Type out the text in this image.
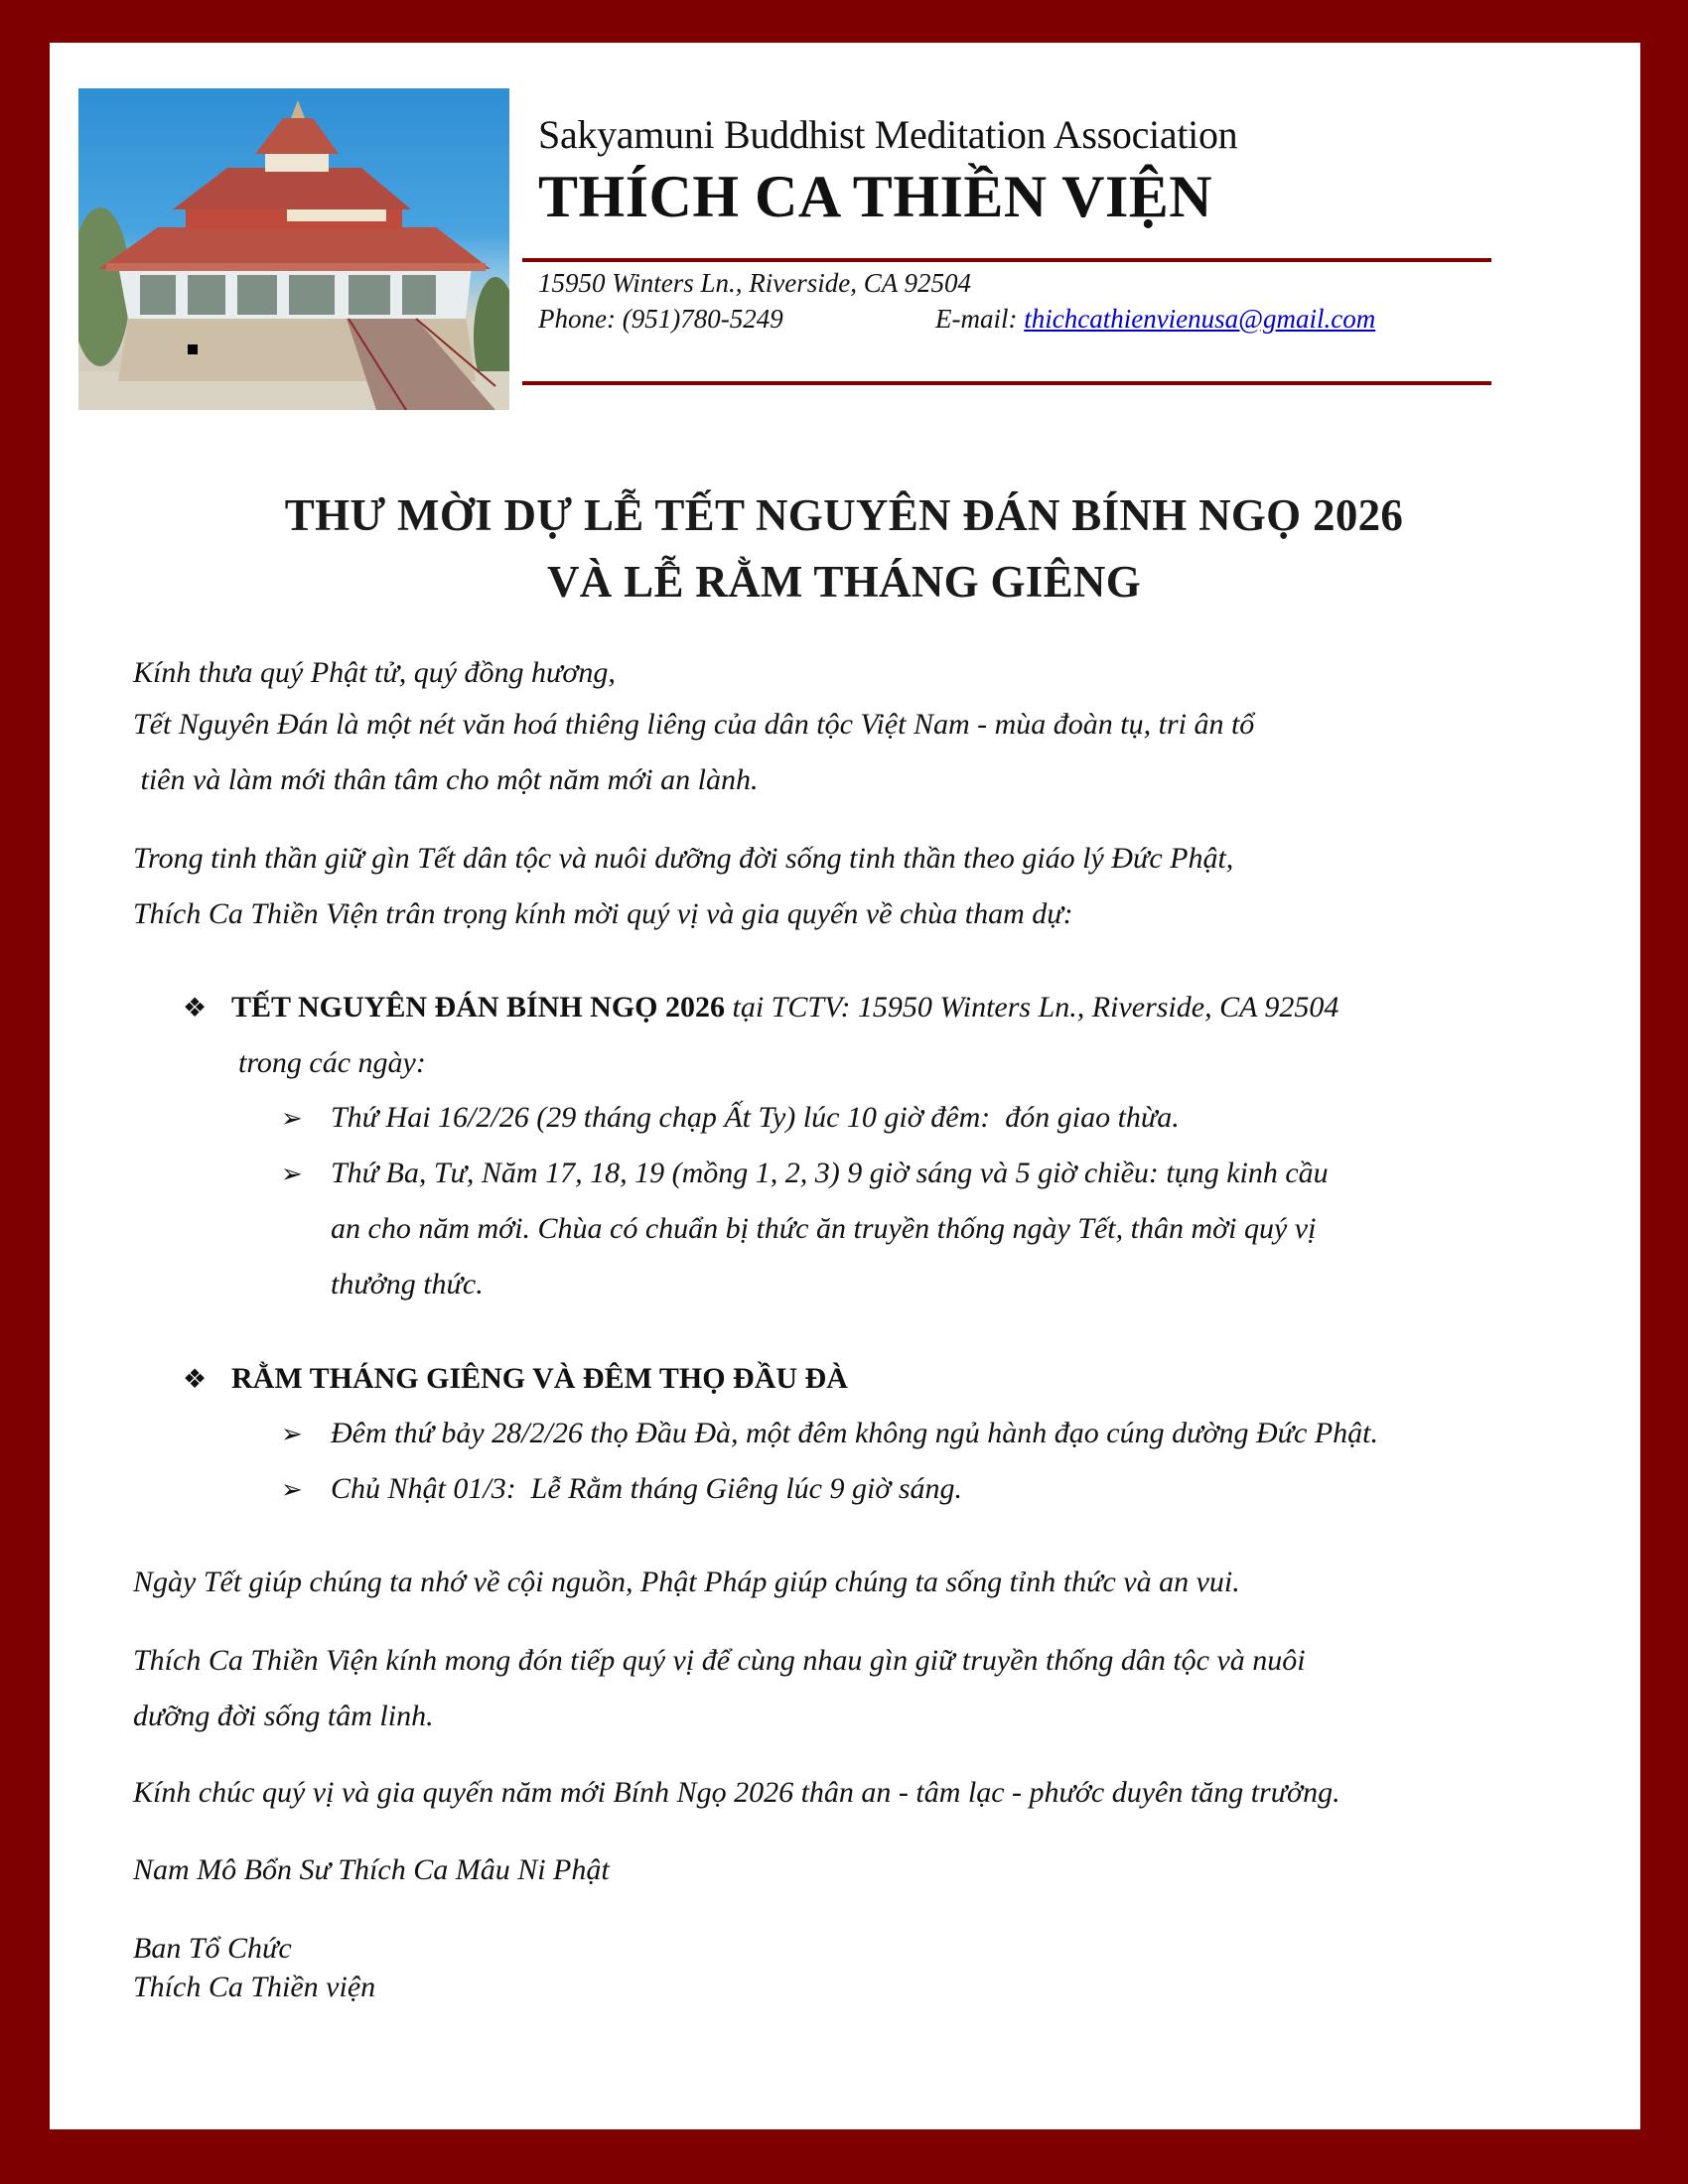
Sakyamuni Buddhist Meditation Association
THÍCH CA THIỀN VIỆN
15950 Winters Ln., Riverside, CA 92504
Phone: (951)780-5249	E-mail: thichcathienvienusa@gmail.com
THƯ MỜI DỰ LỄ TẾT NGUYÊN ĐÁN BÍNH NGỌ 2026
VÀ LỄ RẰM THÁNG GIÊNG
Kính thưa quý Phật tử, quý đồng hương,
Tết Nguyên Đán là một nét văn hoá thiêng liêng của dân tộc Việt Nam - mùa đoàn tụ, tri ân tổ
tiên và làm mới thân tâm cho một năm mới an lành.
Trong tinh thần giữ gìn Tết dân tộc và nuôi dưỡng đời sống tinh thần theo giáo lý Đức Phật,
Thích Ca Thiền Viện trân trọng kính mời quý vị và gia quyến về chùa tham dự:
❖ TẾT NGUYÊN ĐÁN BÍNH NGỌ 2026 tại TCTV: 15950 Winters Ln., Riverside, CA 92504
trong các ngày:
➢ Thứ Hai 16/2/26 (29 tháng chạp Ất Ty) lúc 10 giờ đêm:  đón giao thừa.
➢ Thứ Ba, Tư, Năm 17, 18, 19 (mồng 1, 2, 3) 9 giờ sáng và 5 giờ chiều: tụng kinh cầu
an cho năm mới. Chùa có chuẩn bị thức ăn truyền thống ngày Tết, thân mời quý vị
thưởng thức.
❖ RẰM THÁNG GIÊNG VÀ ĐÊM THỌ ĐẦU ĐÀ
➢ Đêm thứ bảy 28/2/26 thọ Đầu Đà, một đêm không ngủ hành đạo cúng dường Đức Phật.
➢ Chủ Nhật 01/3:  Lễ Rằm tháng Giêng lúc 9 giờ sáng.
Ngày Tết giúp chúng ta nhớ về cội nguồn, Phật Pháp giúp chúng ta sống tỉnh thức và an vui.
Thích Ca Thiền Viện kính mong đón tiếp quý vị để cùng nhau gìn giữ truyền thống dân tộc và nuôi
dưỡng đời sống tâm linh.
Kính chúc quý vị và gia quyến năm mới Bính Ngọ 2026 thân an - tâm lạc - phước duyên tăng trưởng.
Nam Mô Bổn Sư Thích Ca Mâu Ni Phật
Ban Tổ Chức
Thích Ca Thiền viện
